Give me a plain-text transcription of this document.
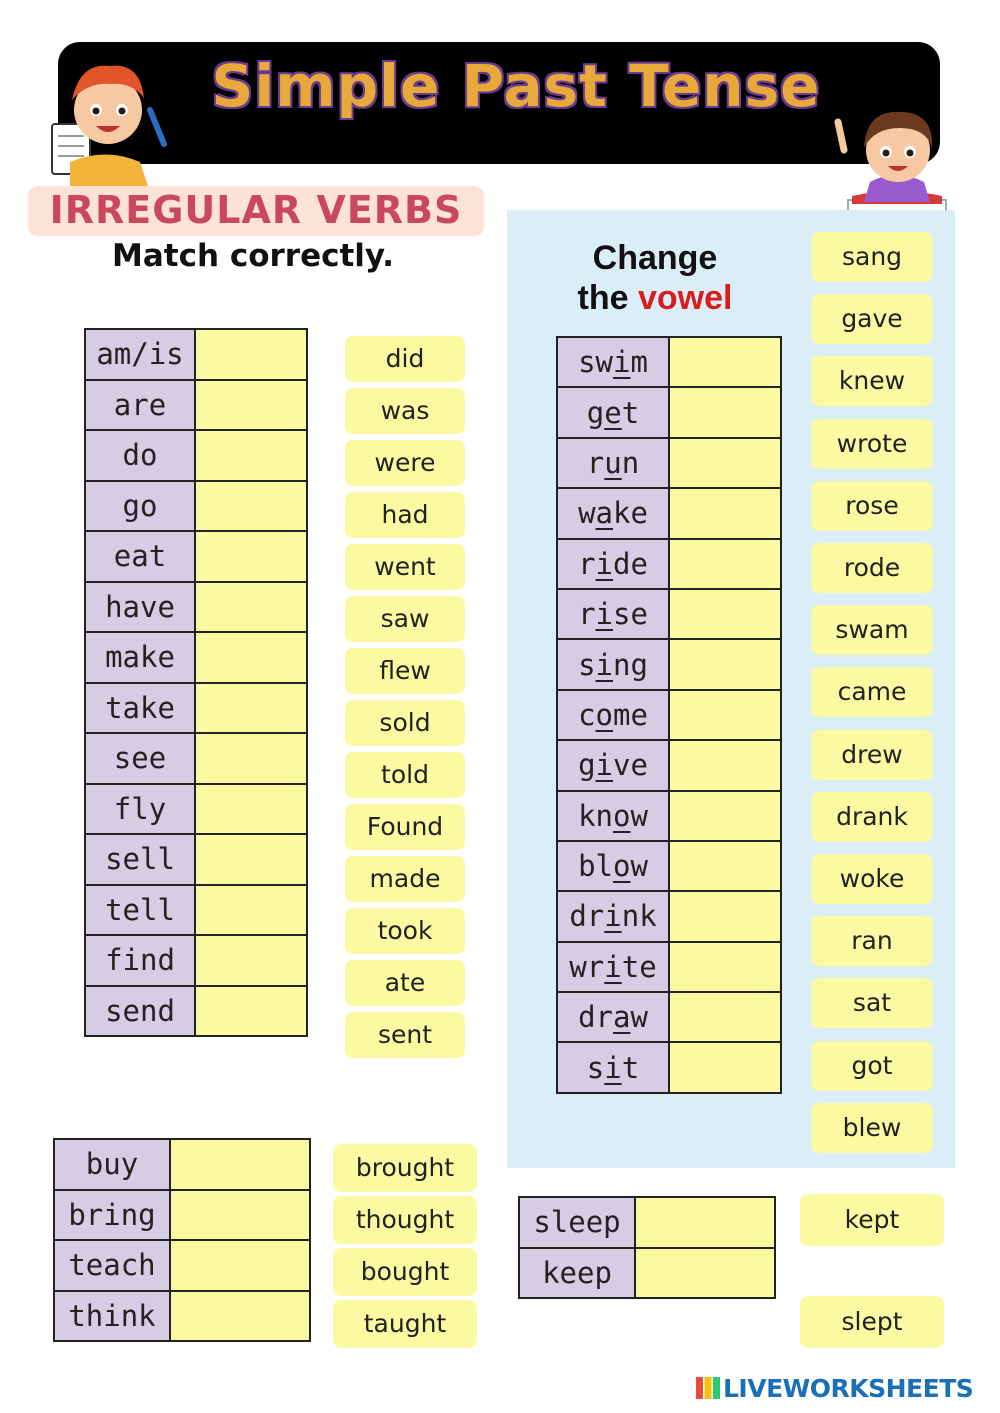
Simple Past Tense
IRREGULAR VERBS
Match correctly.	Change
the vowel
am/is	
are	
do	
go	
eat	
have	
make	
take	
see	
fly	
sell	
tell	
find	
send	
did
was
were
had
went
saw
flew
sold
told
Found
made
took
ate
sent
swim	
get	
run	
wake	
ride	
rise	
sing	
come	
give	
know	
blow	
drink	
write	
draw	
sit	
sang
gave
knew
wrote
rose
rode
swam
came
drew
drank
woke
ran
sat
got
blew
buy	
bring	
teach	
think	
brought
thought
bought
taught
sleep	
keep	
kept
slept
LIVEWORKSHEETS
